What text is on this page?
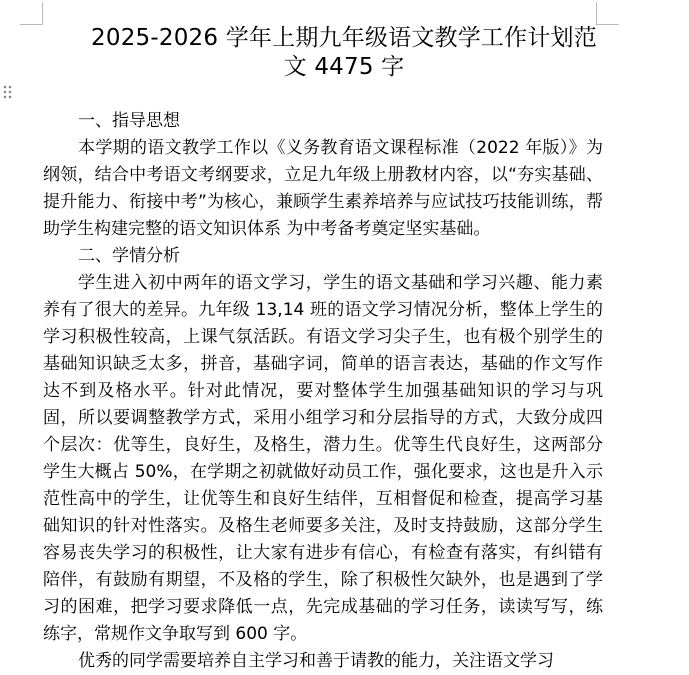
2025-2026 学年上期九年级语文教学工作计划范
文 4475 字
一、指导思想

本学期的语文教学工作以《义务教育语文课程标准（2022 年版）》为纲领，结合中考语文考纲要求，立足九年级上册教材内容，以“夯实基础、提升能力、衔接中考”为核心，兼顾学生素养培养与应试技巧技能训练，帮助学生构建完整的语文知识体系 为中考备考奠定坚实基础。

二、学情分析

学生进入初中两年的语文学习，学生的语文基础和学习兴趣、能力素养有了很大的差异。九年级 13,14 班的语文学习情况分析，整体上学生的学习积极性较高，上课气氛活跃。有语文学习尖子生，也有极个别学生的基础知识缺乏太多，拼音，基础字词，简单的语言表达，基础的作文写作达不到及格水平。针对此情况，要对整体学生加强基础知识的学习与巩固，所以要调整教学方式，采用小组学习和分层指导的方式，大致分成四个层次：优等生，良好生，及格生，潜力生。优等生代良好生，这两部分学生大概占 50%，在学期之初就做好动员工作，强化要求，这也是升入示范性高中的学生，让优等生和良好生结伴，互相督促和检查，提高学习基础知识的针对性落实。及格生老师要多关注，及时支持鼓励，这部分学生容易丧失学习的积极性，让大家有进步有信心，有检查有落实，有纠错有陪伴，有鼓励有期望，不及格的学生，除了积极性欠缺外，也是遇到了学习的困难，把学习要求降低一点，先完成基础的学习任务，读读写写，练练字，常规作文争取写到 600 字。

优秀的同学需要培养自主学习和善于请教的能力，关注语文学习
